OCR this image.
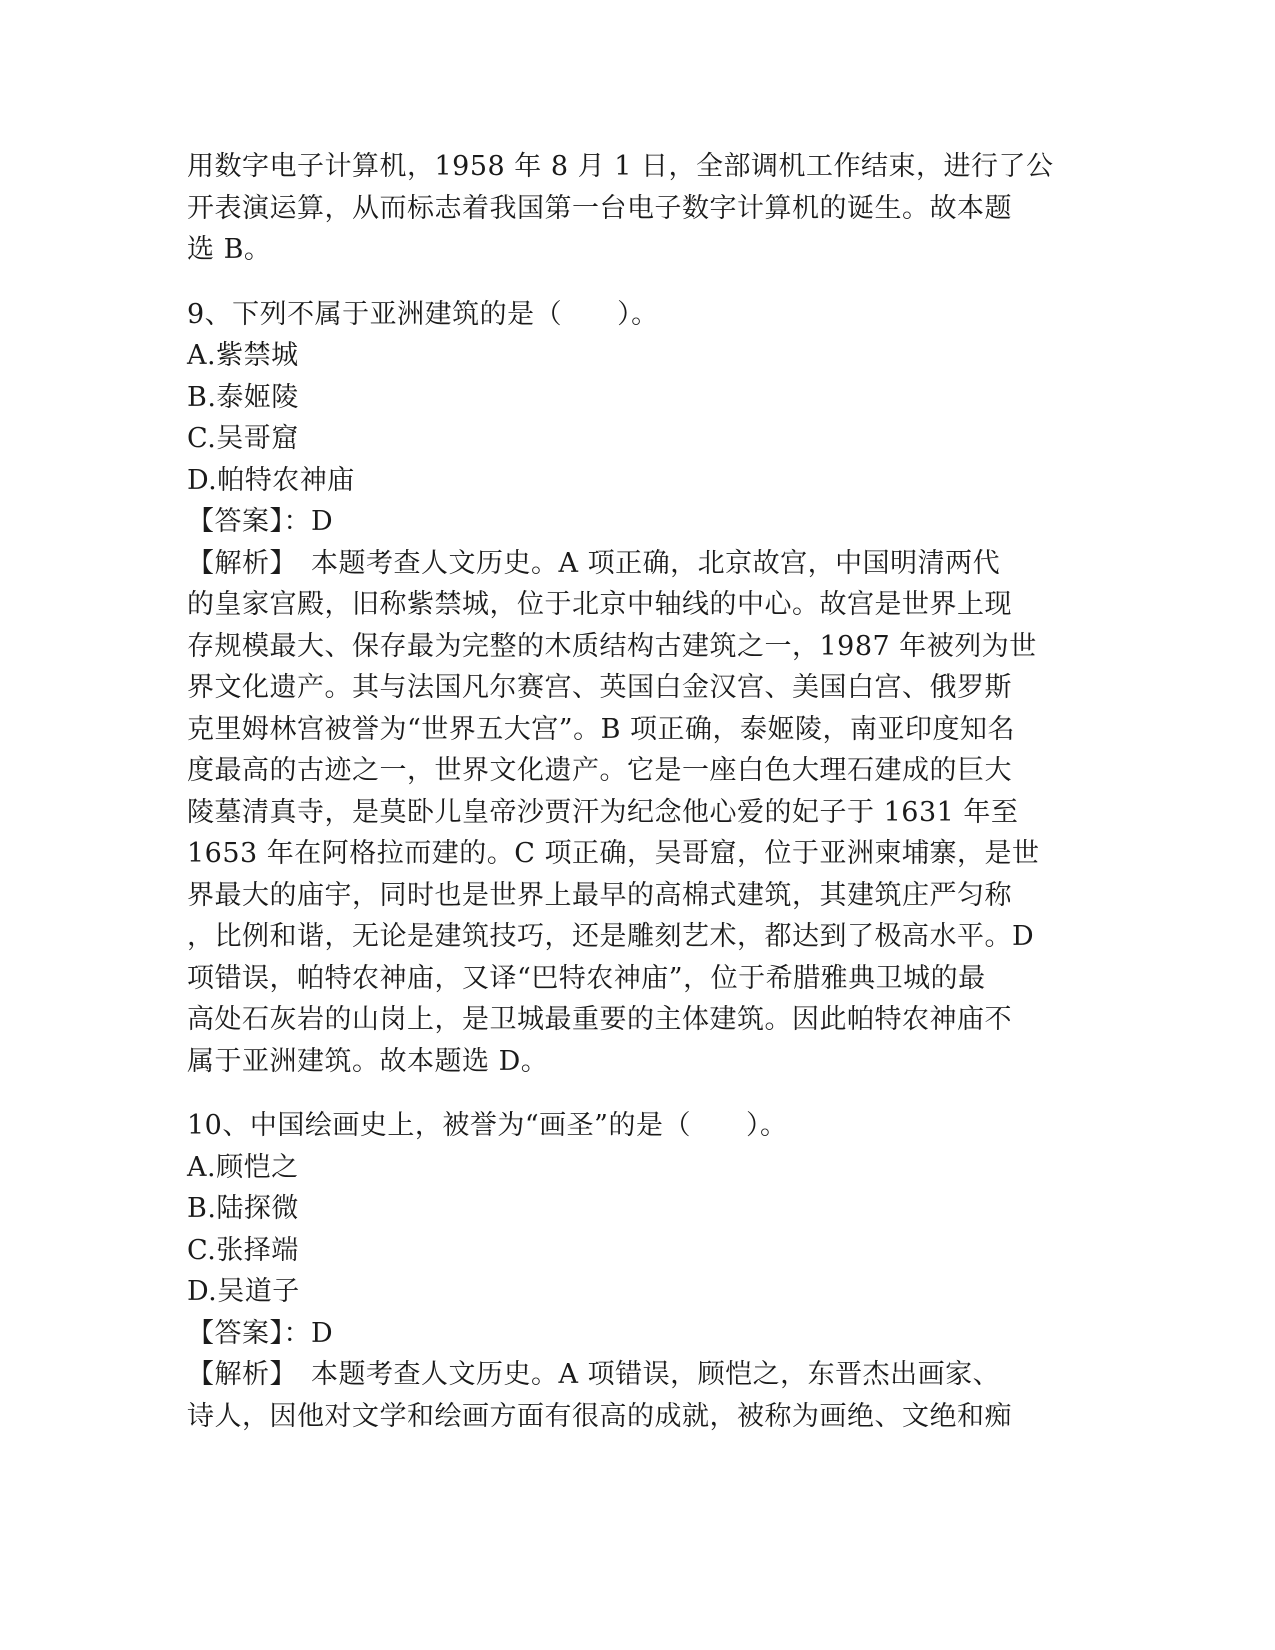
用数字电子计算机，1958 年 8 月 1 日，全部调机工作结束，进行了公
开表演运算，从而标志着我国第一台电子数字计算机的诞生。故本题
选 B。
9、下列不属于亚洲建筑的是（　　）。
A.紫禁城
B.泰姬陵
C.吴哥窟
D.帕特农神庙
【答案】：D
【解析】　本题考查人文历史。A 项正确，北京故宫，中国明清两代
的皇家宫殿，旧称紫禁城，位于北京中轴线的中心。故宫是世界上现
存规模最大、保存最为完整的木质结构古建筑之一，1987 年被列为世
界文化遗产。其与法国凡尔赛宫、英国白金汉宫、美国白宫、俄罗斯
克里姆林宫被誉为“世界五大宫”。B 项正确，泰姬陵，南亚印度知名
度最高的古迹之一，世界文化遗产。它是一座白色大理石建成的巨大
陵墓清真寺，是莫卧儿皇帝沙贾汗为纪念他心爱的妃子于 1631 年至
1653 年在阿格拉而建的。C 项正确，吴哥窟，位于亚洲柬埔寨，是世
界最大的庙宇，同时也是世界上最早的高棉式建筑，其建筑庄严匀称
，比例和谐，无论是建筑技巧，还是雕刻艺术，都达到了极高水平。D
项错误，帕特农神庙，又译“巴特农神庙”，位于希腊雅典卫城的最
高处石灰岩的山岗上，是卫城最重要的主体建筑。因此帕特农神庙不
属于亚洲建筑。故本题选 D。
10、中国绘画史上，被誉为“画圣”的是（　　）。
A.顾恺之
B.陆探微
C.张择端
D.吴道子
【答案】：D
【解析】　本题考查人文历史。A 项错误，顾恺之，东晋杰出画家、
诗人，因他对文学和绘画方面有很高的成就，被称为画绝、文绝和痴
